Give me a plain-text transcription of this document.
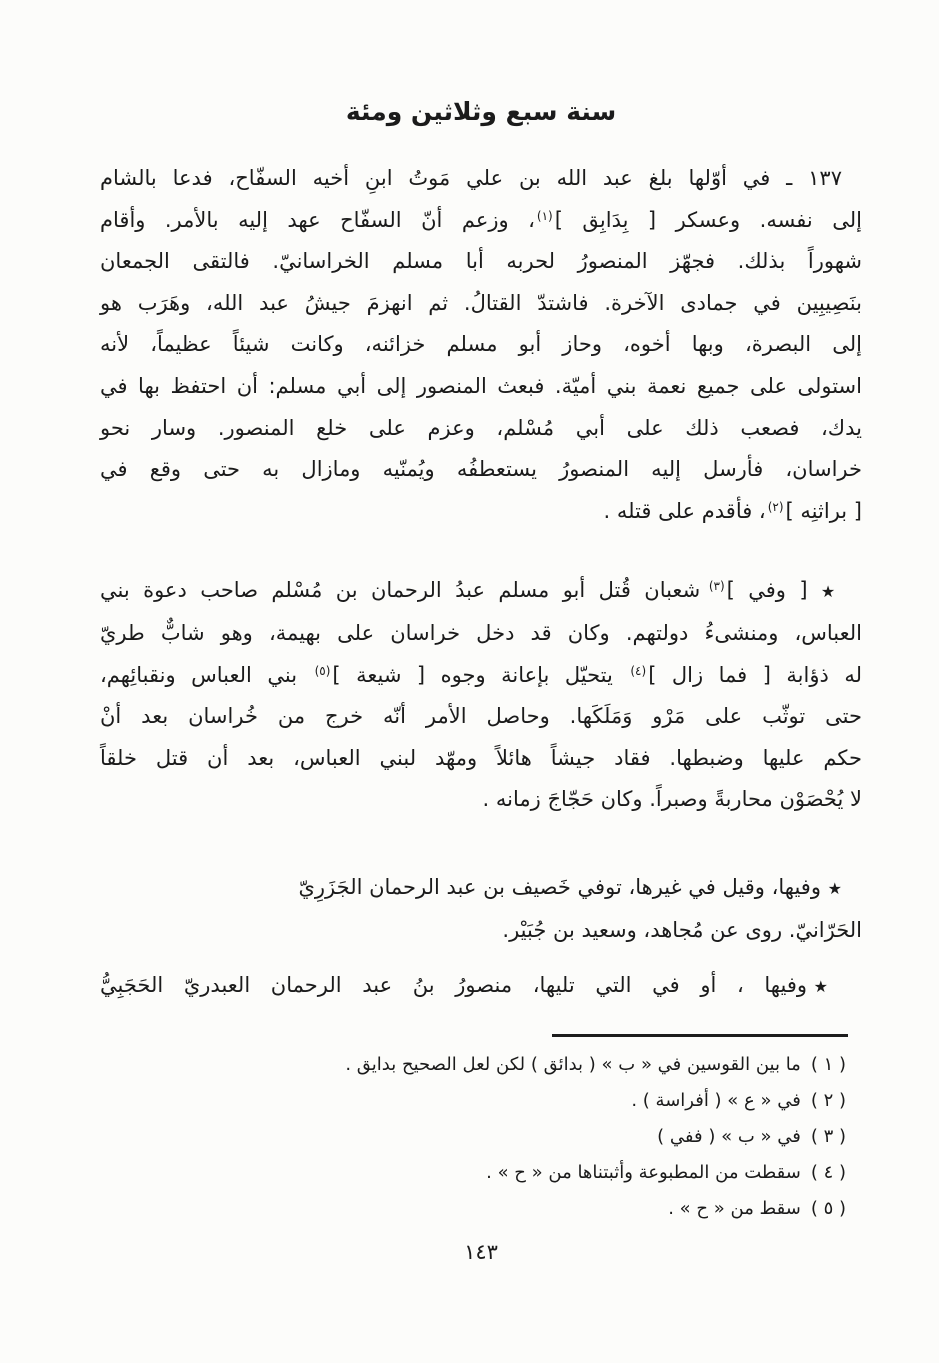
سنة سبع وثلاثين ومئة
١٣٧ ـ في أوّلها بلغ عبد الله بن علي مَوتُ ابنِ أخيه السفّاح، فدعا بالشام
إلى نفسه. وعسكر [ بِدَابِق ]$^{(١)}$، وزعم أنّ السفّاح عهد إليه بالأمر. وأقام
شهوراً بذلك. فجهّز المنصورُ لحربه أبا مسلم الخراسانيّ. فالتقى الجمعان
بنَصِيبِين في جمادى الآخرة. فاشتدّ القتالُ. ثم انهزمَ جيشُ عبد الله، وهَرَب هو
إلى البصرة، وبها أخوه، وحاز أبو مسلم خزائنه، وكانت شيئاً عظيماً، لأنه
استولى على جميع نعمة بني أميّة. فبعث المنصور إلى أبي مسلم: أن احتفظ بها في
يدك، فصعب ذلك على أبي مُسْلم، وعزم على خلع المنصور. وسار نحو
خراسان، فأرسل إليه المنصورُ يستعطفُه ويُمنّيه ومازال به حتى وقع في
[ براثنِه ]$^{(٢)}$، فأقدم على قتله .
★ [ وفي ]$^{(٣)}$ شعبان قُتل أبو مسلم عبدُ الرحمان بن مُسْلم صاحب دعوة بني
العباس، ومنشىءُ دولتهم. وكان قد دخل خراسان على بهيمة، وهو شابٌّ طريّ
له ذؤابة [ فما زال ]$^{(٤)}$ يتحيّل بإعانة وجوه [ شيعة ]$^{(٥)}$ بني العباس ونقبائِهم،
حتى توثّب على مَرْو وَمَلَكَها. وحاصل الأمر أنّه خرج من خُراسان بعد أنْ
حكم عليها وضبطها. فقاد جيشاً هائلاً ومهّد لبني العباس، بعد أن قتل خلقاً
لا يُحْصَوْن محاربةً وصبراً. وكان حَجّاجَ زمانه .
★ وفيها، وقيل في غيرها، توفي خَصيف بن عبد الرحمان الجَزَرِيّ
الحَرّانيّ. روى عن مُجاهد، وسعيد بن جُبَيْر.
★ وفيها ، أو في التي تليها، منصورُ بنُ عبد الرحمان العبدريّ الحَجَبِيُّ
( ١ )
ما بين القوسين في « ب » ( بدائق ) لكن لعل الصحيح بدايق .
( ٢ )
في « ع » ( أفراسة ) .
( ٣ )
في « ب » ( ففي )
( ٤ )
سقطت من المطبوعة وأثبتناها من « ح » .
( ٥ )
سقط من « ح » .
١٤٣
